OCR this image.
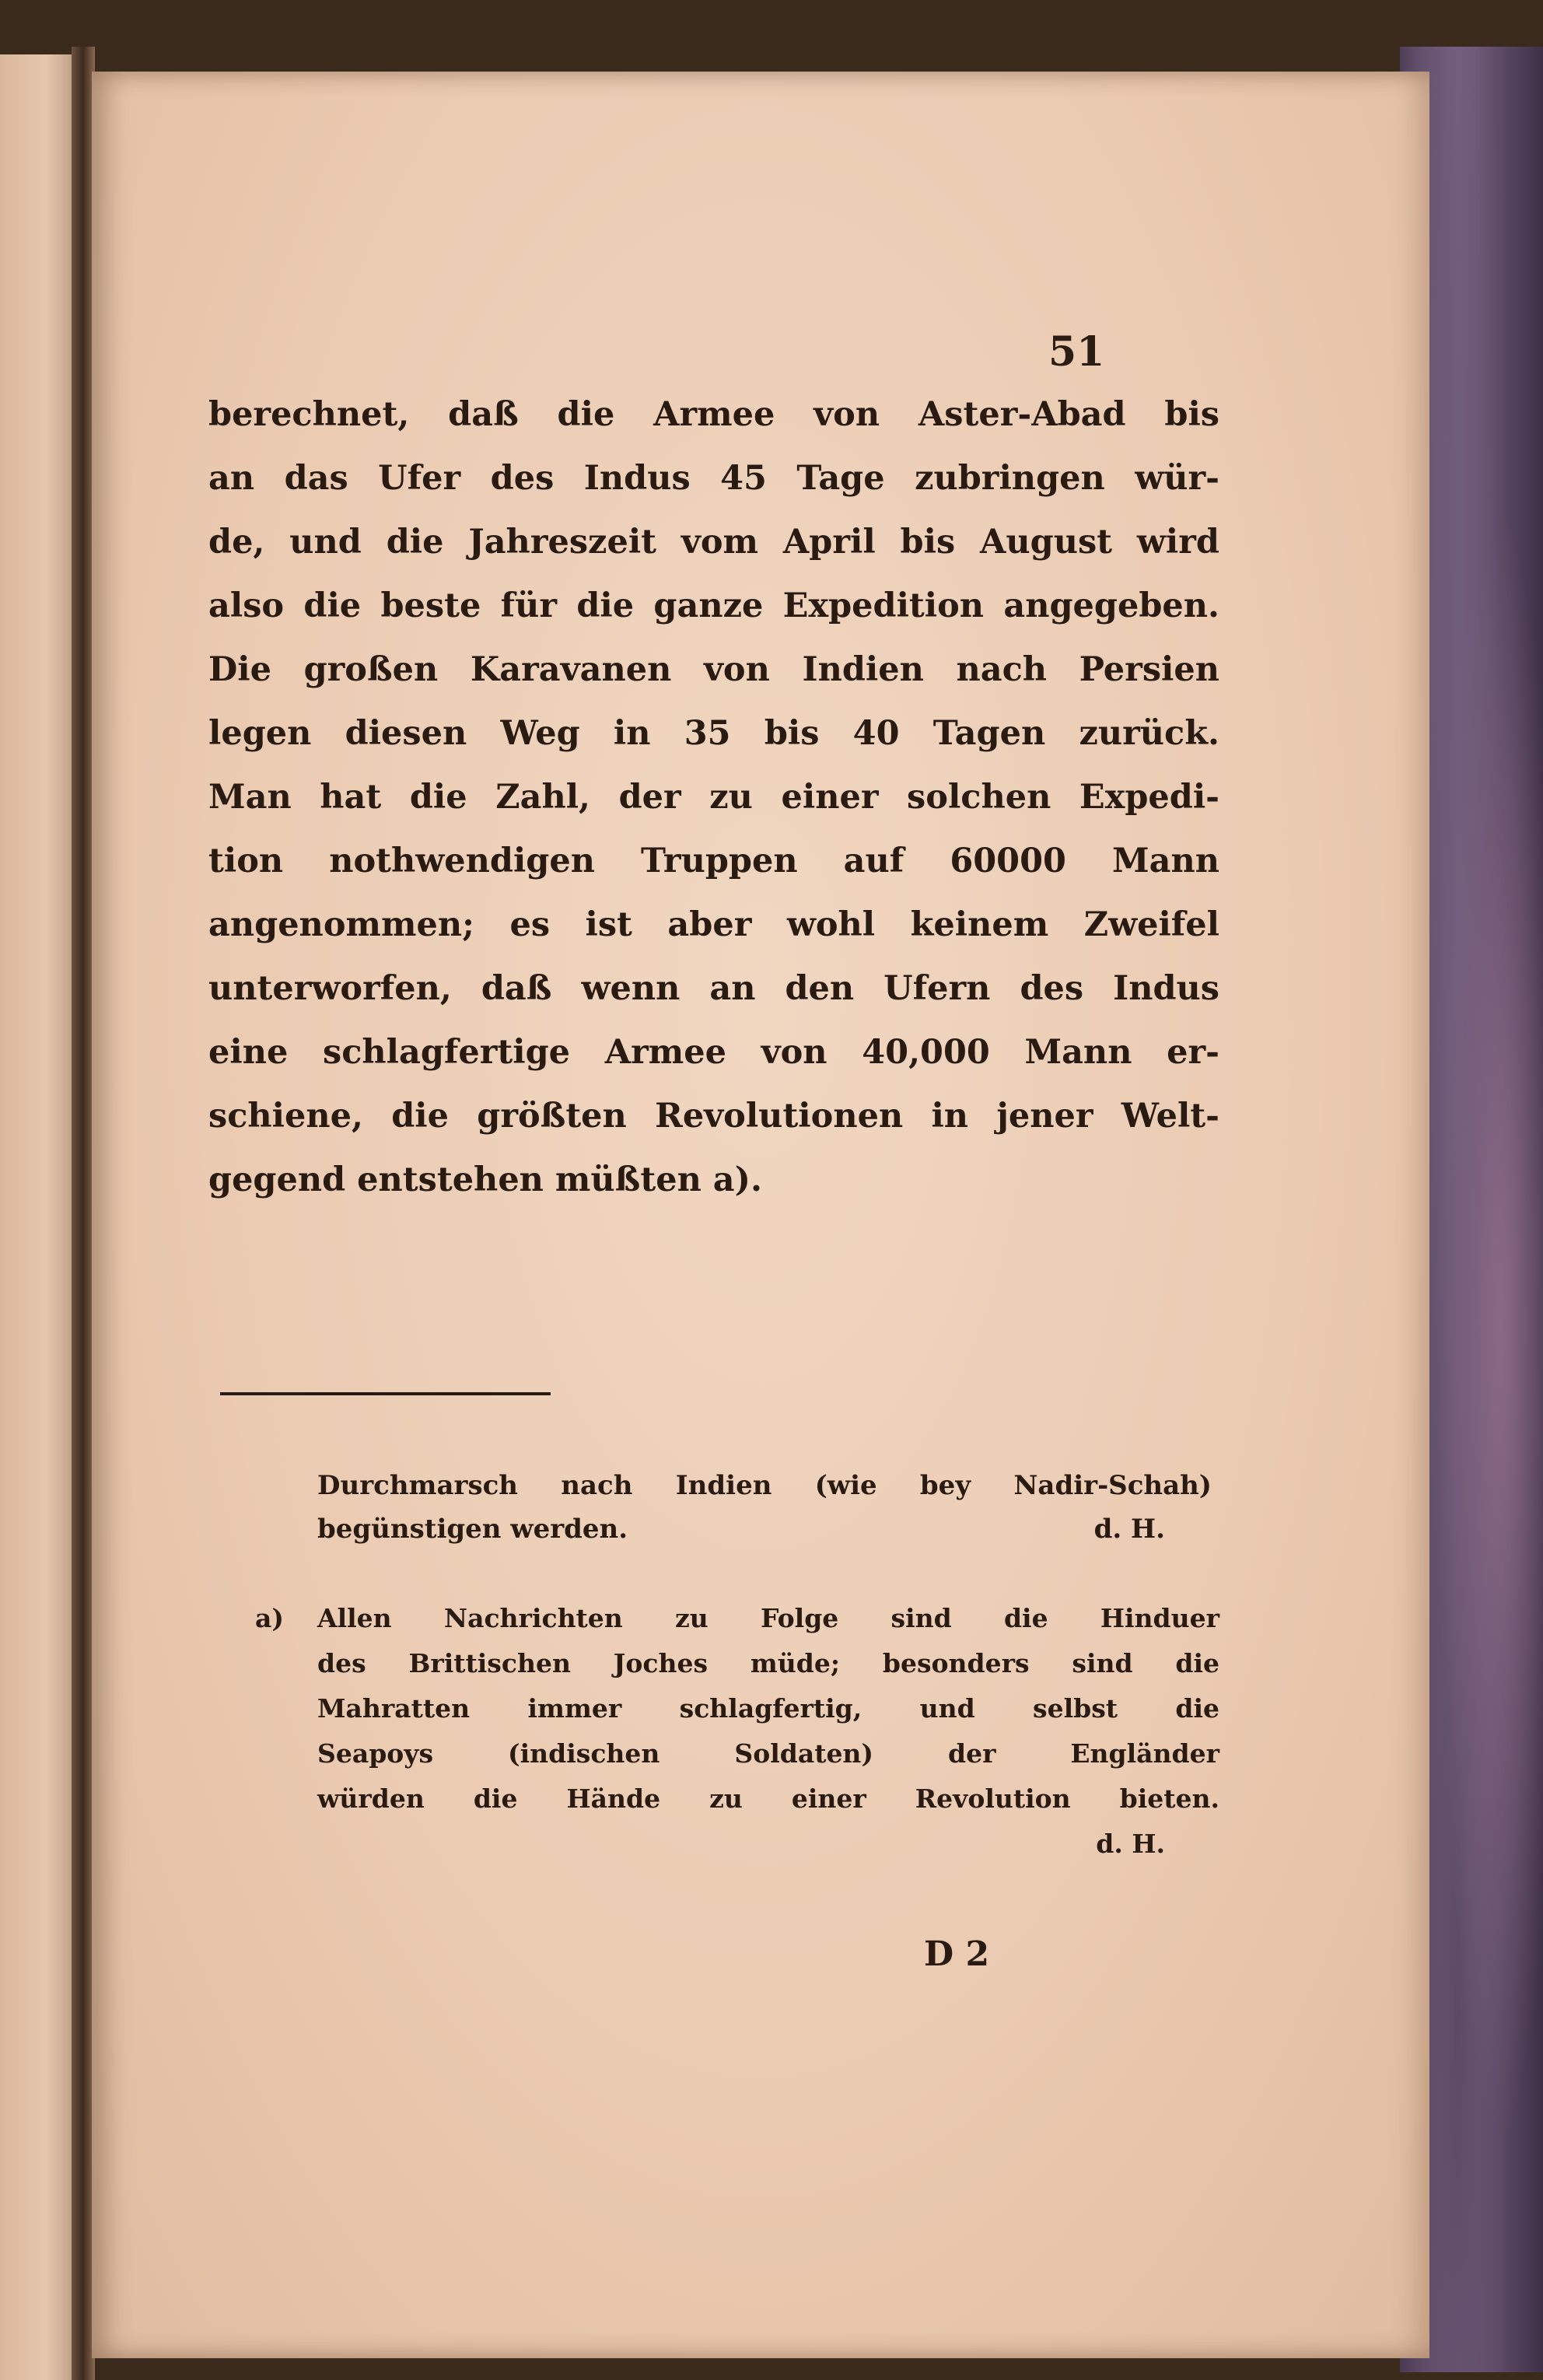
51
berechnet, daß die Armee von Aster-Abad bis
an das Ufer des Indus 45 Tage zubringen wür-
de, und die Jahreszeit vom April bis August wird
also die beste für die ganze Expedition angegeben.
Die großen Karavanen von Indien nach Persien
legen diesen Weg in 35 bis 40 Tagen zurück.
Man hat die Zahl, der zu einer solchen Expedi-
tion nothwendigen Truppen auf 60000 Mann
angenommen; es ist aber wohl keinem Zweifel
unterworfen, daß wenn an den Ufern des Indus
eine schlagfertige Armee von 40,000 Mann er-
schiene, die größten Revolutionen in jener Welt-
gegend entstehen müßten a).
Durchmarsch nach Indien (wie bey Nadir-Schah)
begünstigen werden.	d. H.
a)	Allen Nachrichten zu Folge sind die Hinduer
des Brittischen Joches müde; besonders sind die
Mahratten immer schlagfertig, und selbst die
Seapoys (indischen Soldaten) der Engländer
würden die Hände zu einer Revolution bieten.
d. H.
D 2
